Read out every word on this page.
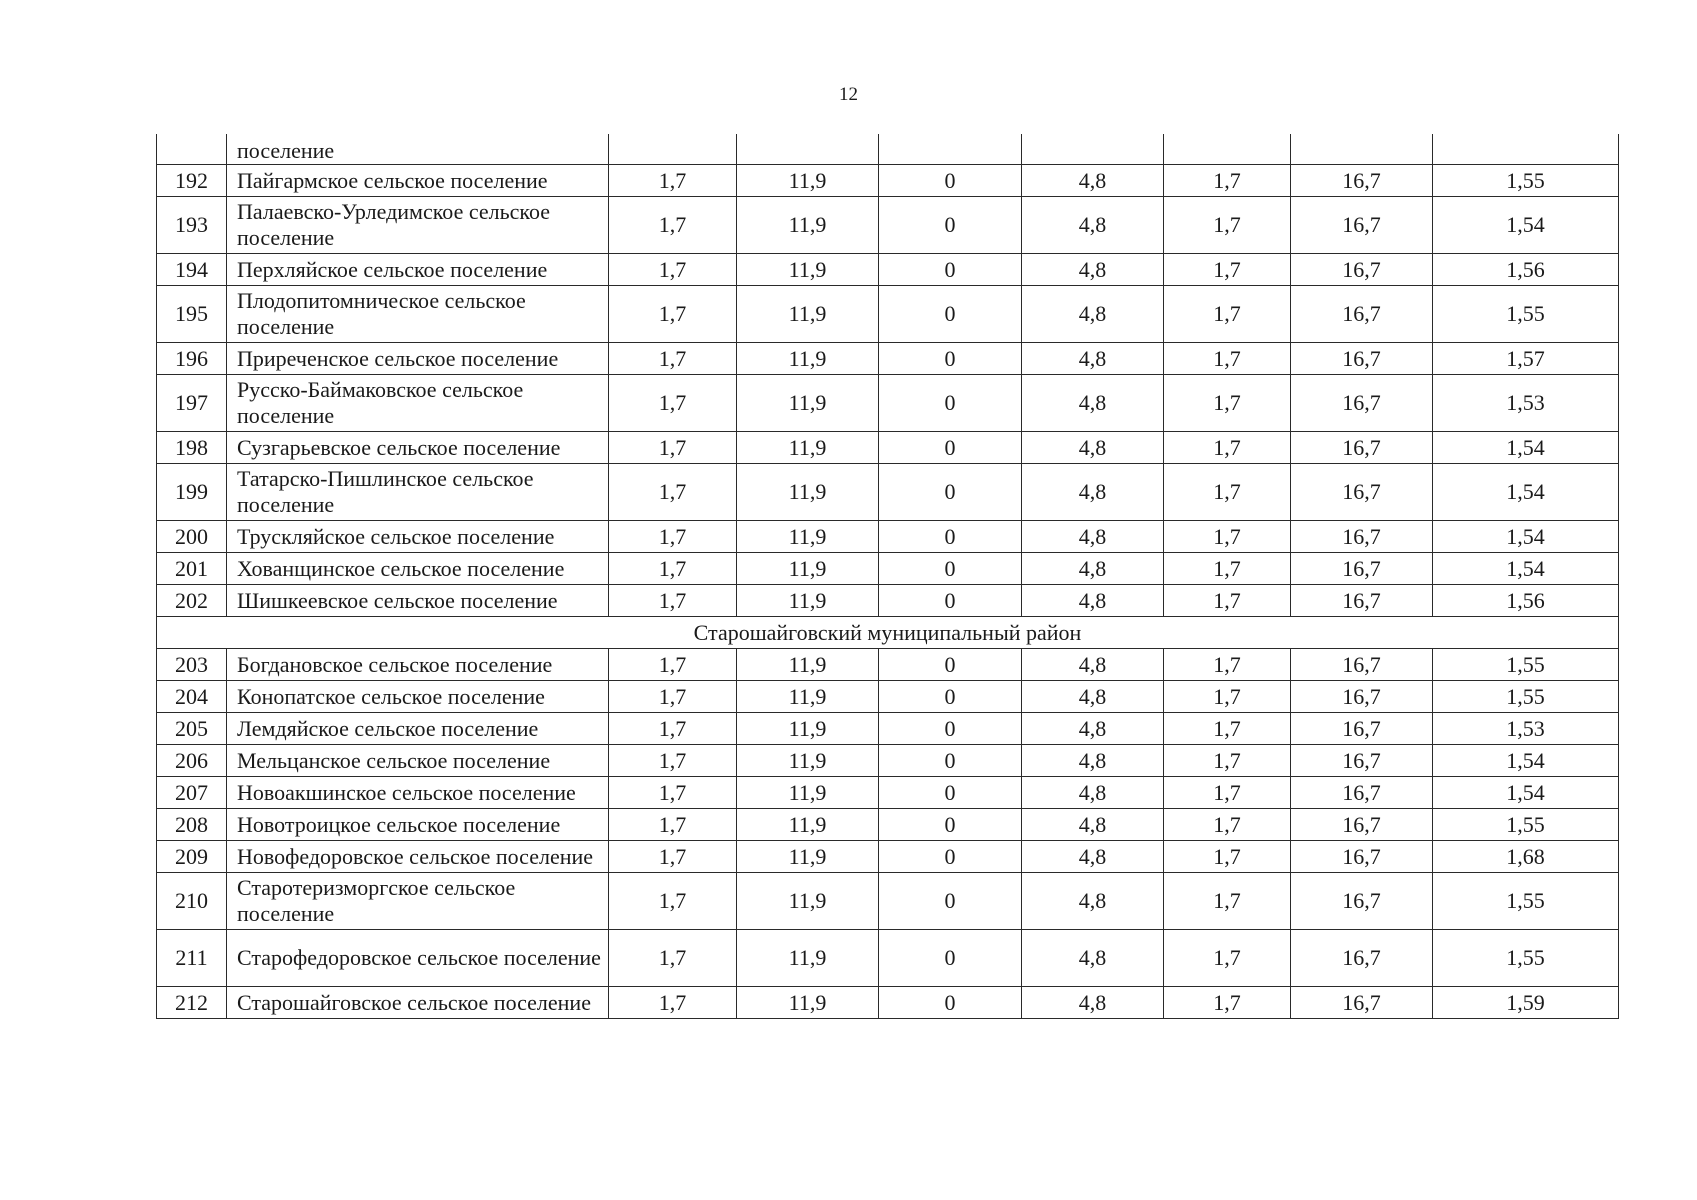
12
	поселение							
192	Пайгармское сельское поселение	1,7	11,9	0	4,8	1,7	16,7	1,55
193	Палаевско-Урледимское сельское поселение	1,7	11,9	0	4,8	1,7	16,7	1,54
194	Перхляйское сельское поселение	1,7	11,9	0	4,8	1,7	16,7	1,56
195	Плодопитомническое сельское поселение	1,7	11,9	0	4,8	1,7	16,7	1,55
196	Приреченское сельское поселение	1,7	11,9	0	4,8	1,7	16,7	1,57
197	Русско-Баймаковское сельское поселение	1,7	11,9	0	4,8	1,7	16,7	1,53
198	Сузгарьевское сельское поселение	1,7	11,9	0	4,8	1,7	16,7	1,54
199	Татарско-Пишлинское сельское поселение	1,7	11,9	0	4,8	1,7	16,7	1,54
200	Трускляйское сельское поселение	1,7	11,9	0	4,8	1,7	16,7	1,54
201	Хованщинское сельское поселение	1,7	11,9	0	4,8	1,7	16,7	1,54
202	Шишкеевское сельское поселение	1,7	11,9	0	4,8	1,7	16,7	1,56
Старошайговский муниципальный район								
203	Богдановское сельское поселение	1,7	11,9	0	4,8	1,7	16,7	1,55
204	Конопатское сельское поселение	1,7	11,9	0	4,8	1,7	16,7	1,55
205	Лемдяйское сельское поселение	1,7	11,9	0	4,8	1,7	16,7	1,53
206	Мельцанское сельское поселение	1,7	11,9	0	4,8	1,7	16,7	1,54
207	Новоакшинское сельское поселение	1,7	11,9	0	4,8	1,7	16,7	1,54
208	Новотроицкое сельское поселение	1,7	11,9	0	4,8	1,7	16,7	1,55
209	Новофедоровское сельское поселение	1,7	11,9	0	4,8	1,7	16,7	1,68
210	Старотеризморгское сельское поселение	1,7	11,9	0	4,8	1,7	16,7	1,55
211	Старофедоровское сельское поселение	1,7	11,9	0	4,8	1,7	16,7	1,55
212	Старошайговское сельское поселение	1,7	11,9	0	4,8	1,7	16,7	1,59
